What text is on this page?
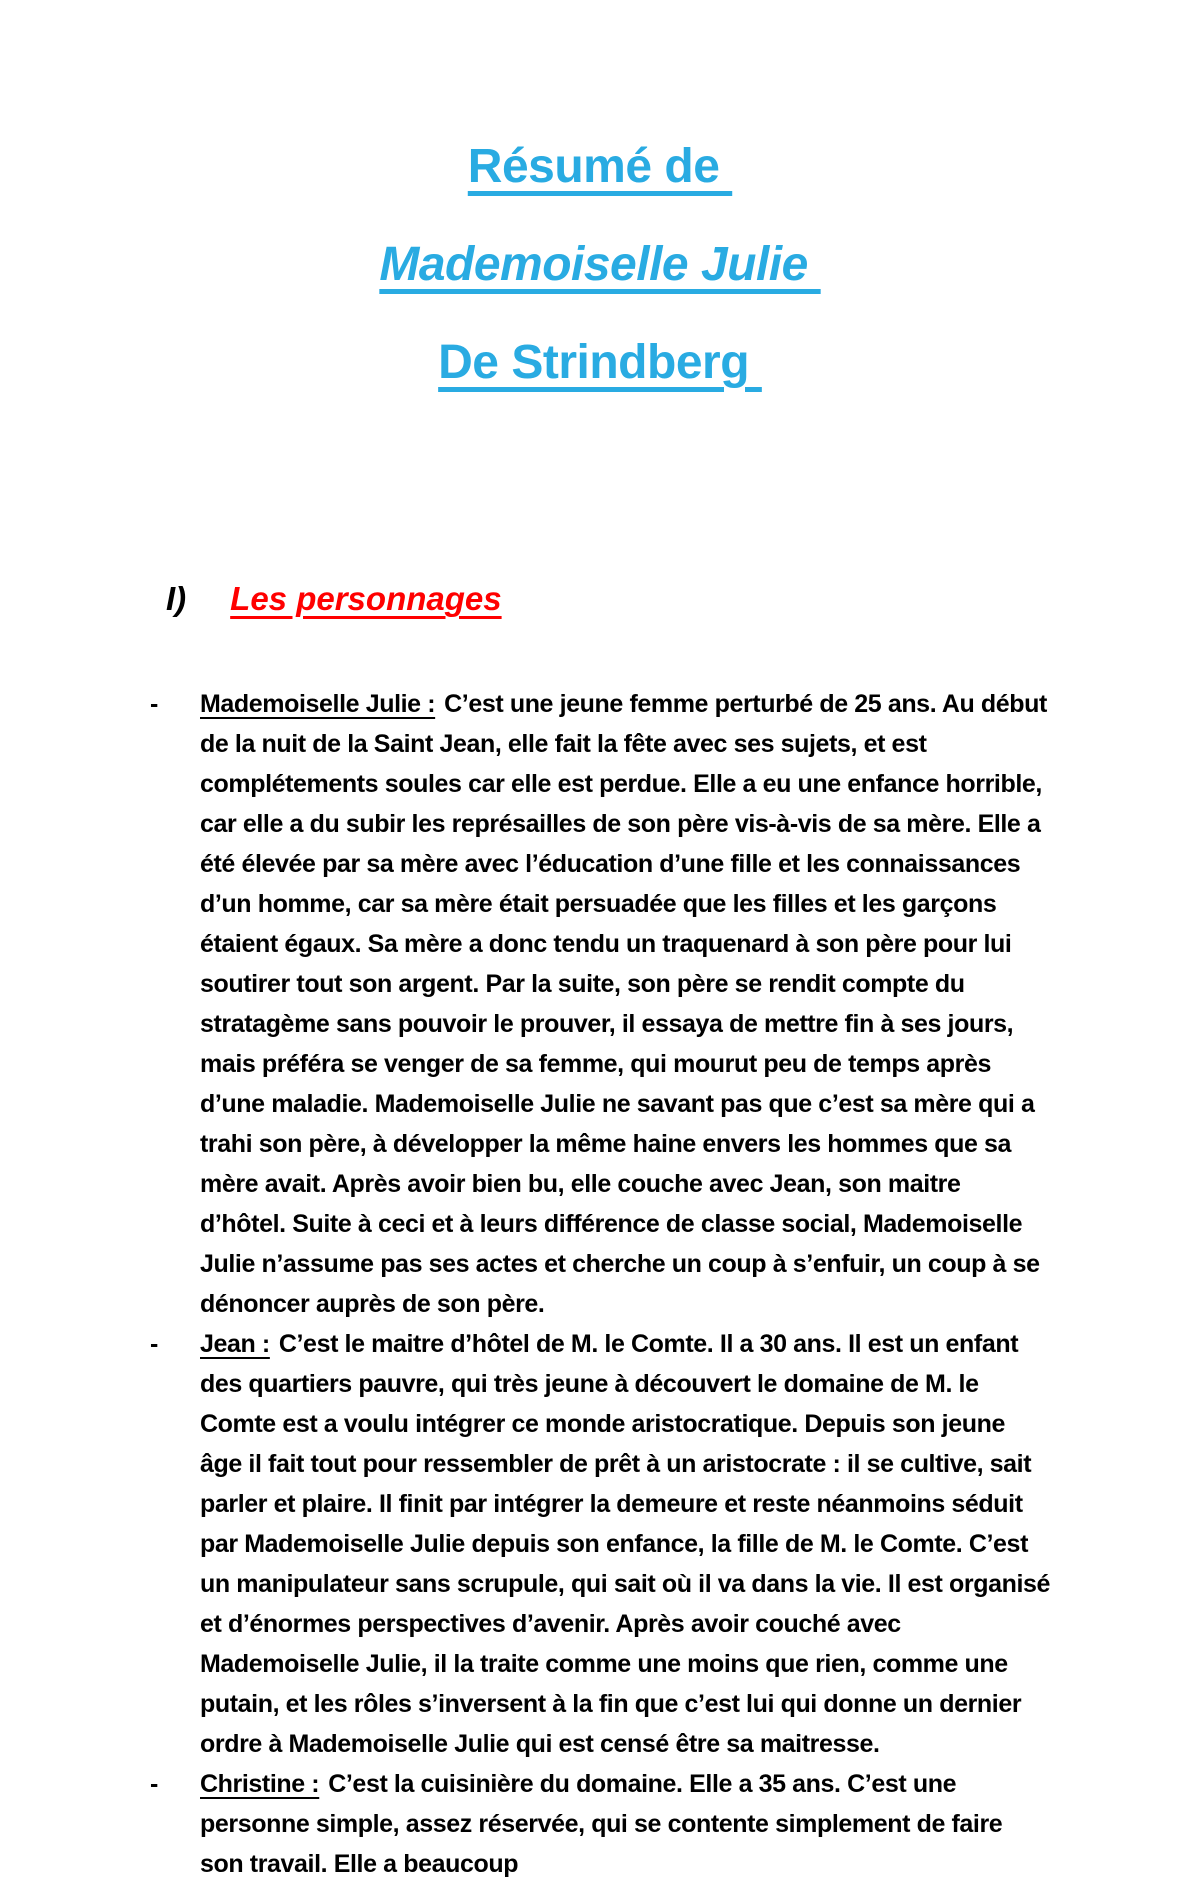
Résumé de
Mademoiselle Julie
De Strindberg
I) Les personnages
-	Mademoiselle Julie : C’est une jeune femme perturbé de 25 ans. Au début de la nuit de la Saint Jean, elle fait la fête avec ses sujets, et est complétements soules car elle est perdue. Elle a eu une enfance horrible, car elle a du subir les représailles de son père vis-à-vis de sa mère. Elle a été élevée par sa mère avec l’éducation d’une fille et les connaissances d’un homme, car sa mère était persuadée que les filles et les garçons étaient égaux. Sa mère a donc tendu un traquenard à son père pour lui soutirer tout son argent. Par la suite, son père se rendit compte du stratagème sans pouvoir le prouver, il essaya de mettre fin à ses jours, mais préféra se venger de sa femme, qui mourut peu de temps après d’une maladie. Mademoiselle Julie ne savant pas que c’est sa mère qui a trahi son père, à développer la même haine envers les hommes que sa mère avait. Après avoir bien bu, elle couche avec Jean, son maitre d’hôtel. Suite à ceci et à leurs différence de classe social, Mademoiselle Julie n’assume pas ses actes et cherche un coup à s’enfuir, un coup à se dénoncer auprès de son père.

-	Jean : C’est le maitre d’hôtel de M. le Comte. Il a 30 ans. Il est un enfant des quartiers pauvre, qui très jeune à découvert le domaine de M. le Comte est a voulu intégrer ce monde aristocratique. Depuis son jeune âge il fait tout pour ressembler de prêt à un aristocrate : il se cultive, sait parler et plaire. Il finit par intégrer la demeure et reste néanmoins séduit par Mademoiselle Julie depuis son enfance, la fille de M. le Comte. C’est un manipulateur sans scrupule, qui sait où il va dans la vie. Il est organisé et d’énormes perspectives d’avenir. Après avoir couché avec Mademoiselle Julie, il la traite comme une moins que rien, comme une putain, et les rôles s’inversent à la fin que c’est lui qui donne un dernier ordre à Mademoiselle Julie qui est censé être sa maitresse.

-	Christine : C’est la cuisinière du domaine. Elle a 35 ans. C’est une personne simple, assez réservée, qui se contente simplement de faire son travail. Elle a beaucoup
